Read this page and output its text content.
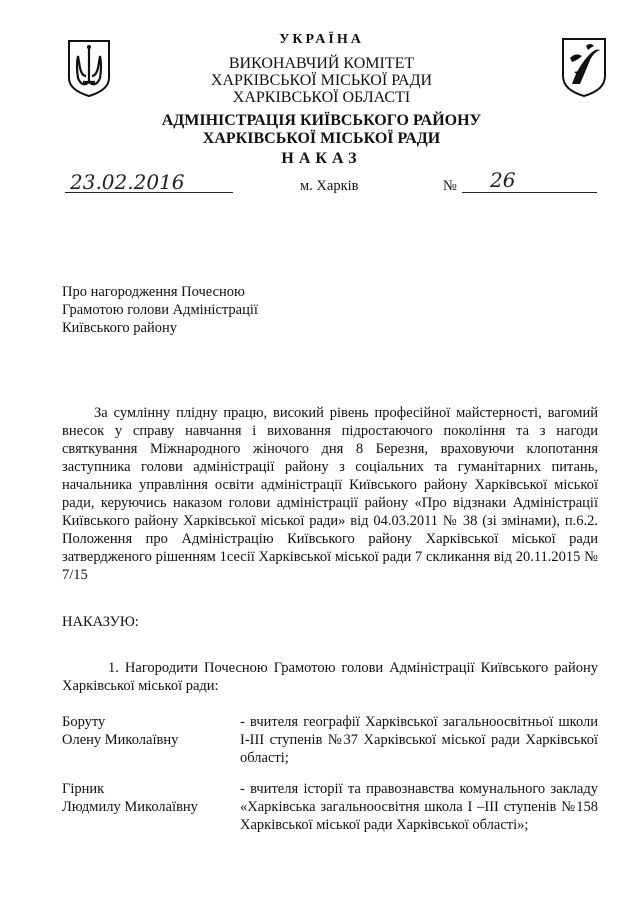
УКРАЇНА
ВИКОНАВЧИЙ КОМІТЕТ
ХАРКІВСЬКОЇ МІСЬКОЇ РАДИ
ХАРКІВСЬКОЇ ОБЛАСТІ
АДМІНІСТРАЦІЯ КИЇВСЬКОГО РАЙОНУ
ХАРКІВСЬКОЇ МІСЬКОЇ РАДИ
НАКАЗ
23.02.2016	м. Харків	№ 26

Про нагородження Почесною

Грамотою голови Адміністрації

Київського району

За сумлінну плідну працю, високий рівень професійної майстерності, вагомий внесок у справу навчання і виховання підростаючого покоління та з нагоди святкування Міжнародного жіночого дня 8 Березня, враховуючи клопотання заступника голови адміністрації району з соціальних та гуманітарних питань, начальника управління освіти адміністрації Київського району Харківської міської ради, керуючись наказом голови адміністрації району «Про відзнаки Адміністрації Київського району Харківської міської ради» від 04.03.2011 № 38 (зі змінами), п.6.2. Положення про Адміністрацію Київського району Харківської міської ради затвердженого рішенням 1сесії Харківської міської ради 7 скликання від 20.11.2015 № 7/15
НАКАЗУЮ:
1. Нагородити Почесною Грамотою голови Адміністрації Київського району Харківської міської ради:

Боруту

Олену Миколаївну

- вчителя географії Харківської загальноосвітньої школи І-ІІІ ступенів №37 Харківської міської ради Харківської області;

Гірник

Людмилу Миколаївну

- вчителя історії та правознавства комунального закладу «Харківська загальноосвітня школа І –ІІІ ступенів №158 Харківської міської ради Харківської області»;
